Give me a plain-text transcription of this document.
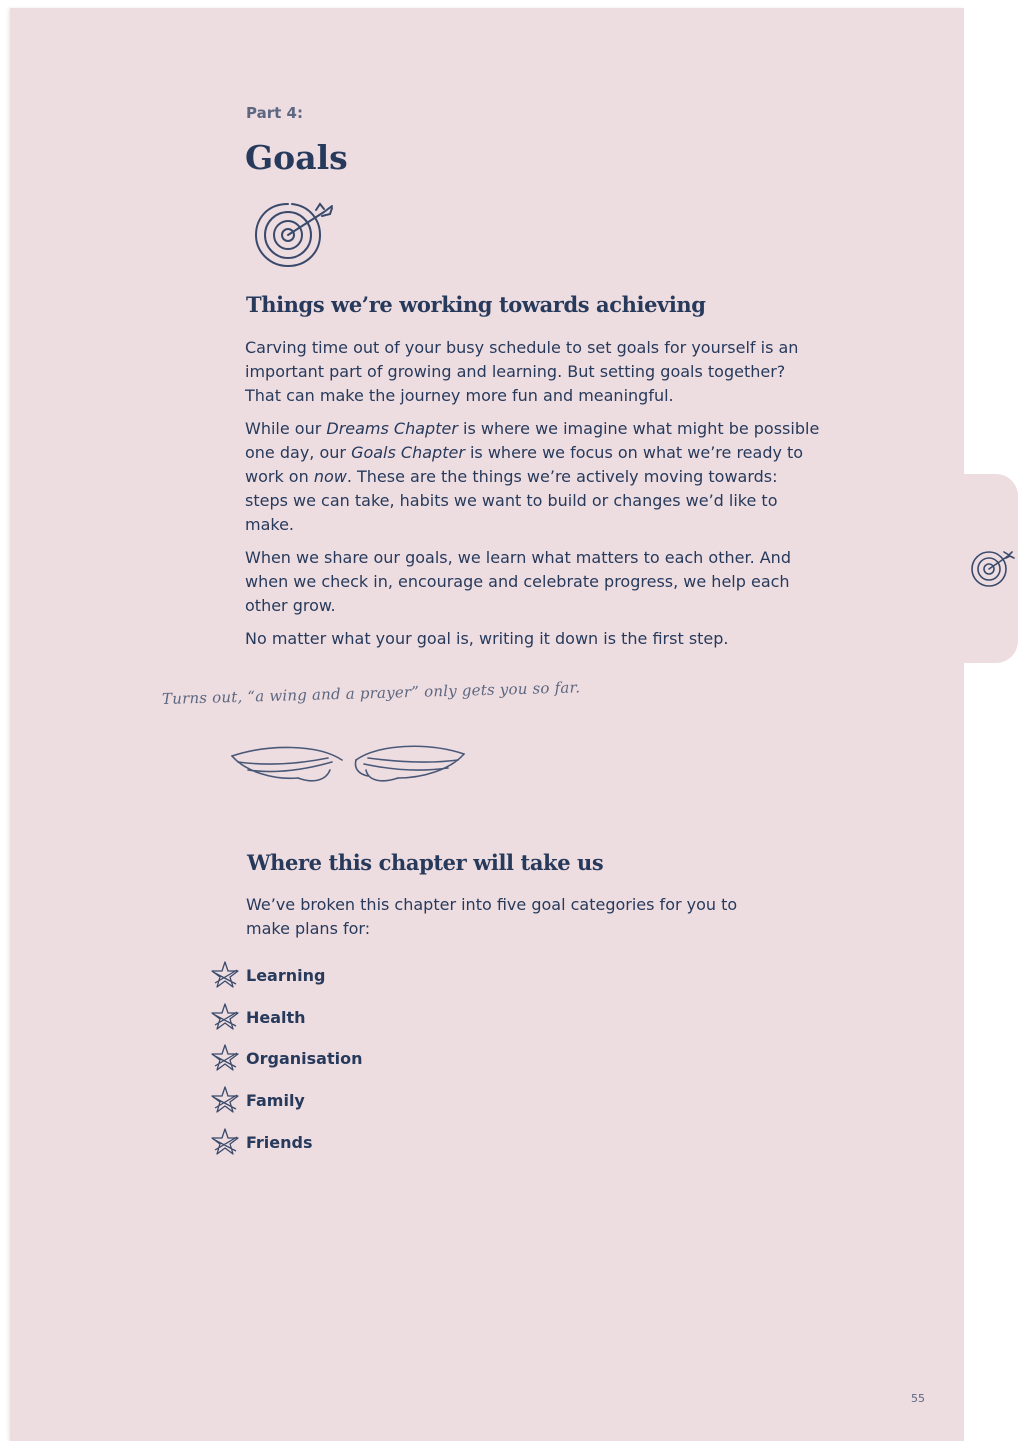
Part 4:
Goals
Things we’re working towards achieving
Carving time out of your busy schedule to set goals for yourself is an important part of growing and learning. But setting goals together? That can make the journey more fun and meaningful.
While our Dreams Chapter is where we imagine what might be possible one day, our Goals Chapter is where we focus on what we’re ready to work on now. These are the things we’re actively moving towards: steps we can take, habits we want to build or changes we’d like to make.
When we share our goals, we learn what matters to each other. And when we check in, encourage and celebrate progress, we help each other grow.
No matter what your goal is, writing it down is the first step.
Turns out, “a wing and a prayer” only gets you so far.
Where this chapter will take us
We’ve broken this chapter into five goal categories for you to make plans for:
Learning
Health
Organisation
Family
Friends
55
